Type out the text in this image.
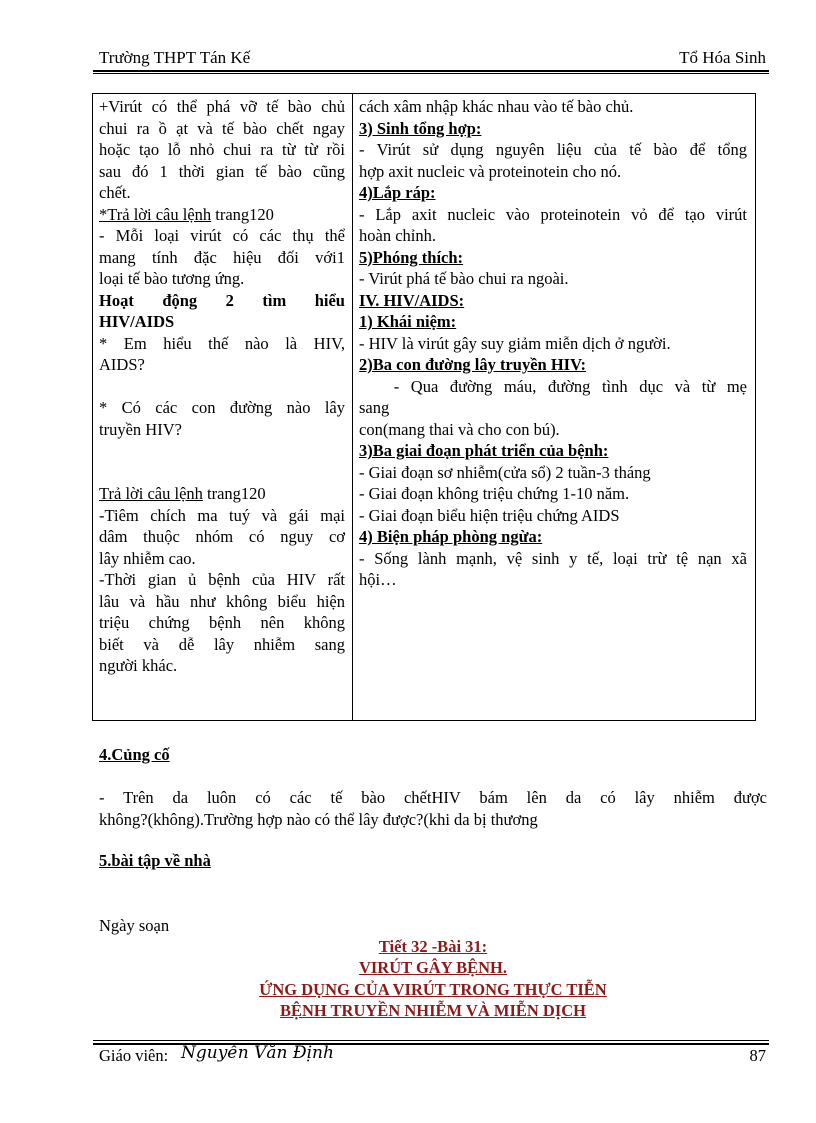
Trường THPT Tán Kế	Tổ Hóa Sinh
+Virút có thể phá vỡ tế bào chủ
chui ra ồ ạt và tế bào chết ngay
hoặc tạo lỗ nhỏ chui ra từ từ rồi
sau đó 1 thời gian tế bào cũng
chết.
*Trả lời câu lệnh trang120
- Mỗi loại virút có các thụ thể
mang tính đặc hiệu đối với1
loại tế bào tương ứng.
Hoạt động 2 tìm hiểu
HIV/AIDS
* Em hiểu thế nào là HIV,
AIDS?
* Có các con đường nào lây
truyền HIV?
Trả lời câu lệnh trang120
-Tiêm chích ma tuý và gái mại
dâm thuộc nhóm có nguy cơ
lây nhiễm cao.
-Thời gian ủ bệnh của HIV rất
lâu và hầu như không biểu hiện
triệu chứng bệnh nên không
biết và dễ lây nhiễm sang
người khác.
cách xâm nhập khác nhau vào tế bào chủ.
3) Sinh tổng hợp:
- Virút sử dụng nguyên liệu của tế bào để tổng
hợp axit nucleic và proteinotein cho nó.
4)Lắp ráp:
- Lắp axit nucleic vào proteinotein vỏ để tạo virút
hoàn chỉnh.
5)Phóng thích:
- Virút phá tế bào chui ra ngoài.
IV. HIV/AIDS:
1) Khái niệm:
- HIV là virút gây suy giảm miễn dịch ở người.
2)Ba con đường lây truyền HIV:
- Qua đường máu, đường tình dục và từ mẹ
sang
con(mang thai và cho con bú).
3)Ba giai đoạn phát triển của bệnh:
- Giai đoạn sơ nhiễm(cửa sổ) 2 tuần-3 tháng
- Giai đoạn không triệu chứng 1-10 năm.
- Giai đoạn biểu hiện triệu chứng AIDS
4) Biện pháp phòng ngừa:
- Sống lành mạnh, vệ sinh y tế, loại trừ tệ nạn xã
hội…
4.Củng cố
- Trên da luôn có các tế bào chếtHIV bám lên da có lây nhiễm được
không?(không).Trường hợp nào có thể lây được?(khi da bị thương
5.bài tập về nhà
Ngày soạn
Tiết 32 -Bài 31:
VIRÚT GÂY BỆNH.
ỨNG DỤNG CỦA VIRÚT TRONG THỰC TIỄN
BỆNH TRUYỀN NHIỄM VÀ MIỄN DỊCH
Giáo viên: Nguyễn Văn Định	87
